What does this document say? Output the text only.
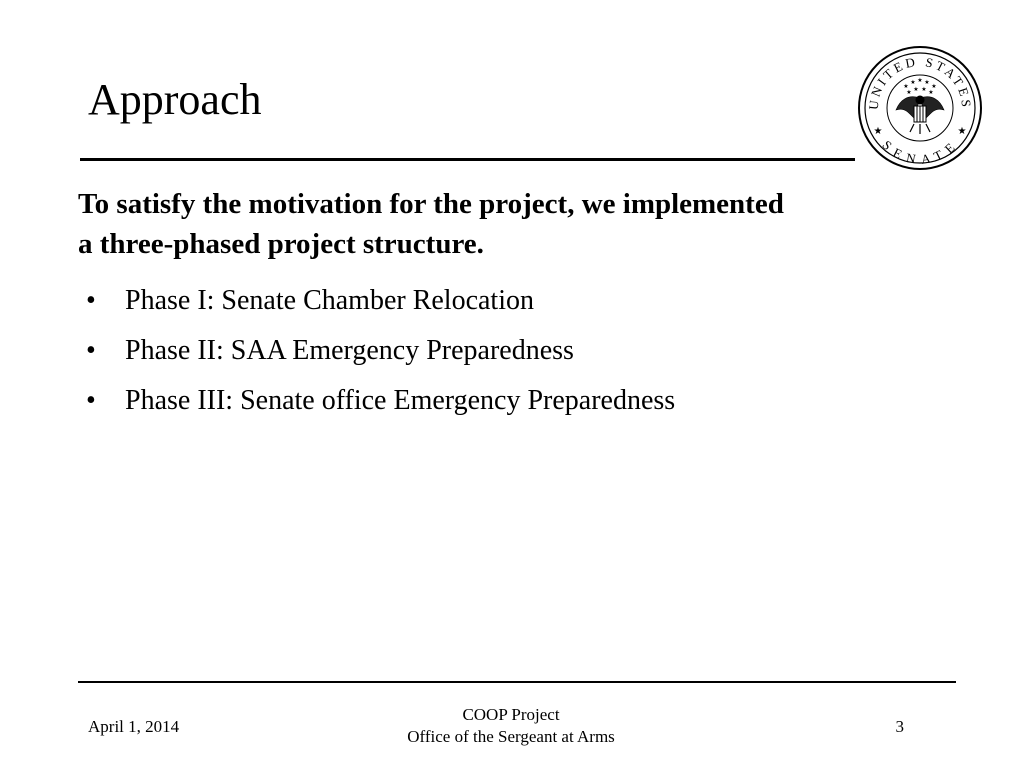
Approach	UNITED STATES
SENATE
★	★
★
★ ★ ★
★
★ ★ ★ ★
To satisfy the motivation for the project, we implemented a three-phased project structure.
• Phase I: Senate Chamber Relocation
• Phase II: SAA Emergency Preparedness
• Phase III: Senate office Emergency Preparedness
April 1, 2014
COOP Project
Office of the Sergeant at Arms
3
